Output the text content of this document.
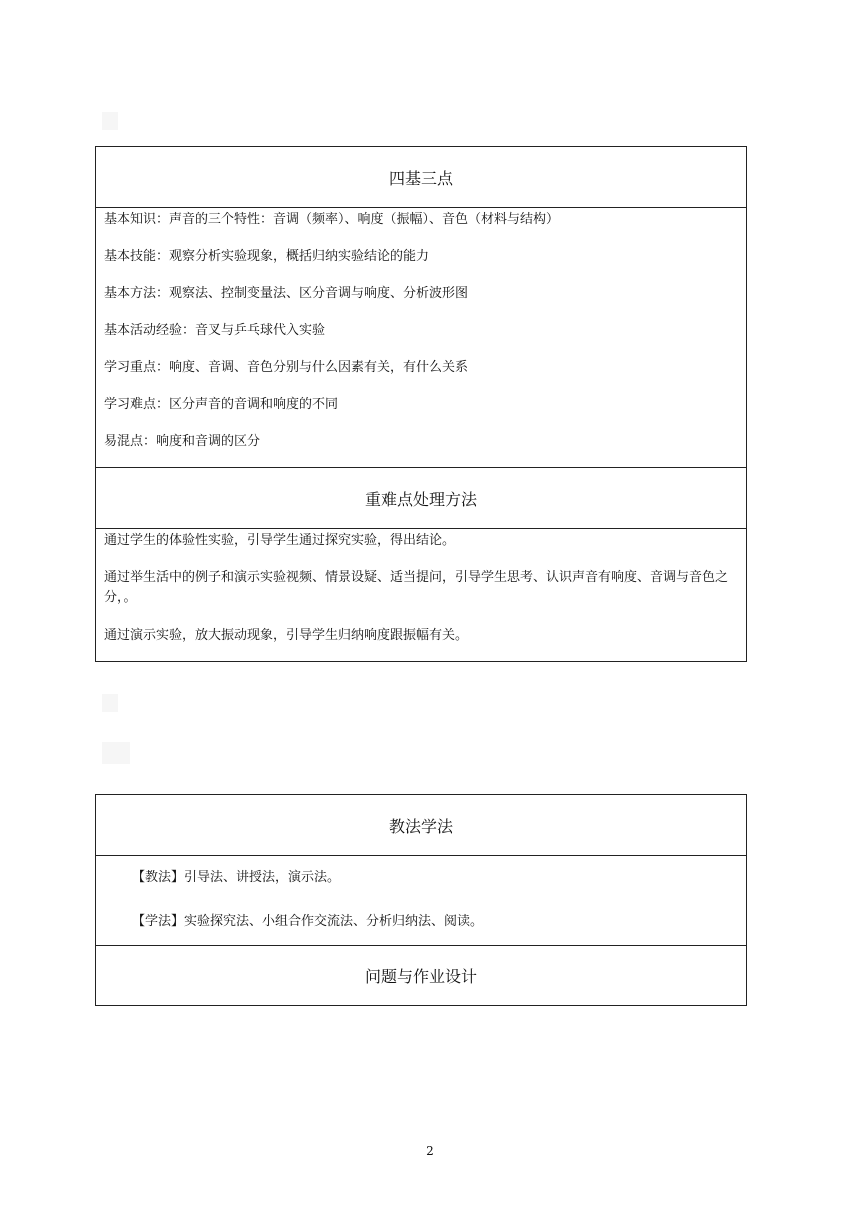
四基三点
基本知识：声音的三个特性：音调（频率）、响度（振幅）、音色（材料与结构）
基本技能：观察分析实验现象，概括归纳实验结论的能力
基本方法：观察法、控制变量法、区分音调与响度、分析波形图
基本活动经验：音叉与乒乓球代入实验
学习重点：响度、音调、音色分别与什么因素有关，有什么关系
学习难点：区分声音的音调和响度的不同
易混点：响度和音调的区分
重难点处理方法
通过学生的体验性实验，引导学生通过探究实验，得出结论。
通过举生活中的例子和演示实验视频、情景设疑、适当提问，引导学生思考、认识声音有响度、音调与音色之分，。
通过演示实验，放大振动现象，引导学生归纳响度跟振幅有关。
教法学法
【教法】引导法、讲授法，演示法。
【学法】实验探究法、小组合作交流法、分析归纳法、阅读。
问题与作业设计
2
